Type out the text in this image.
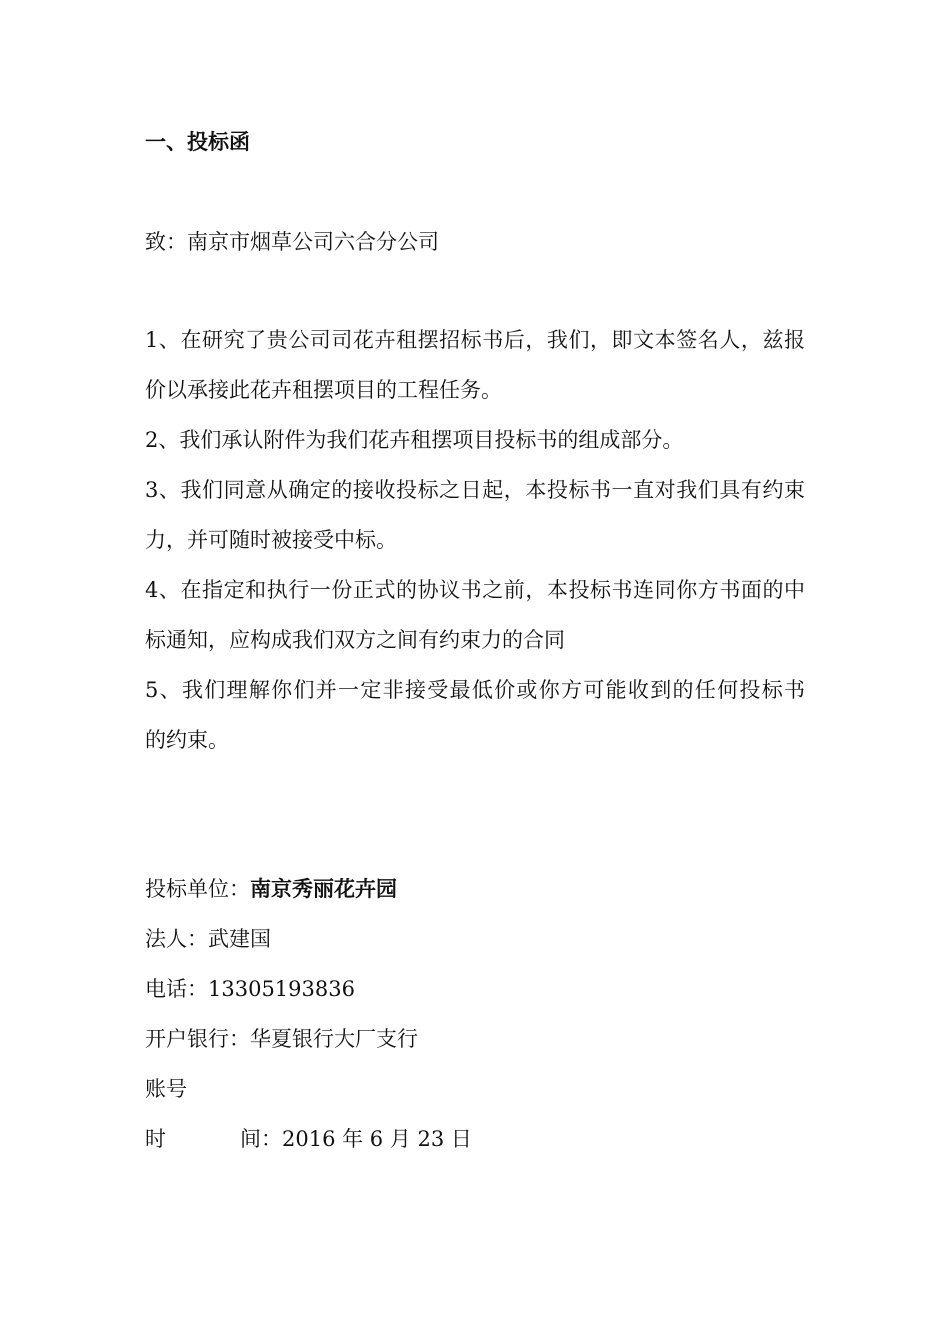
一、投标函
致：南京市烟草公司六合分公司
1、在研究了贵公司司花卉租摆招标书后，我们，即文本签名人，兹报
价以承接此花卉租摆项目的工程任务。
2、我们承认附件为我们花卉租摆项目投标书的组成部分。
3、我们同意从确定的接收投标之日起，本投标书一直对我们具有约束
力，并可随时被接受中标。
4、在指定和执行一份正式的协议书之前，本投标书连同你方书面的中
标通知，应构成我们双方之间有约束力的合同
5、我们理解你们并一定非接受最低价或你方可能收到的任何投标书
的约束。
投标单位：南京秀丽花卉园
法人：武建国
电话：13305193836
开户银行：华夏银行大厂支行
账号
时	间：2016 年 6 月 23 日
